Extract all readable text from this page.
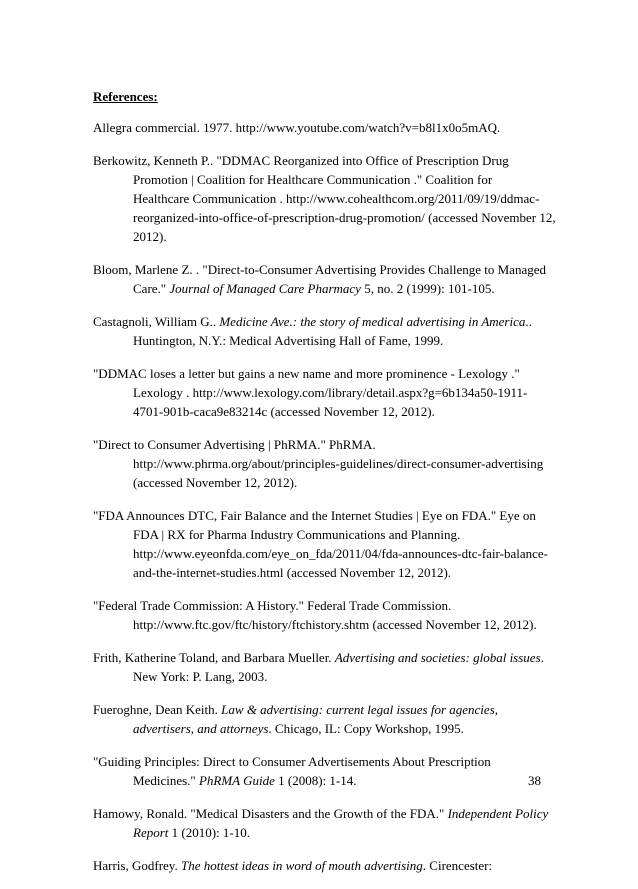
References:
Allegra commercial. 1977. http://www.youtube.com/watch?v=b8l1x0o5mAQ.
Berkowitz, Kenneth P.. "DDMAC Reorganized into Office of Prescription Drug
Promotion | Coalition for Healthcare Communication ." Coalition for
Healthcare Communication . http://www.cohealthcom.org/2011/09/19/ddmac-
reorganized-into-office-of-prescription-drug-promotion/ (accessed November 12,
2012).
Bloom, Marlene Z. . "Direct-to-Consumer Advertising Provides Challenge to Managed
Care." Journal of Managed Care Pharmacy 5, no. 2 (1999): 101-105.
Castagnoli, William G.. Medicine Ave.: the story of medical advertising in America..
Huntington, N.Y.: Medical Advertising Hall of Fame, 1999.
"DDMAC loses a letter but gains a new name and more prominence - Lexology ."
Lexology . http://www.lexology.com/library/detail.aspx?g=6b134a50-1911-
4701-901b-caca9e83214c (accessed November 12, 2012).
"Direct to Consumer Advertising | PhRMA." PhRMA.
http://www.phrma.org/about/principles-guidelines/direct-consumer-advertising
(accessed November 12, 2012).
"FDA Announces DTC, Fair Balance and the Internet Studies | Eye on FDA." Eye on
FDA | RX for Pharma Industry Communications and Planning.
http://www.eyeonfda.com/eye_on_fda/2011/04/fda-announces-dtc-fair-balance-
and-the-internet-studies.html (accessed November 12, 2012).
"Federal Trade Commission: A History." Federal Trade Commission.
http://www.ftc.gov/ftc/history/ftchistory.shtm (accessed November 12, 2012).
Frith, Katherine Toland, and Barbara Mueller. Advertising and societies: global issues.
New York: P. Lang, 2003.
Fueroghne, Dean Keith. Law & advertising: current legal issues for agencies,
advertisers, and attorneys. Chicago, IL: Copy Workshop, 1995.
"Guiding Principles: Direct to Consumer Advertisements About Prescription
Medicines." PhRMA Guide 1 (2008): 1-14.
Hamowy, Ronald. "Medical Disasters and the Growth of the FDA." Independent Policy
Report 1 (2010): 1-10.
Harris, Godfrey. The hottest ideas in word of mouth advertising. Cirencester:
38
